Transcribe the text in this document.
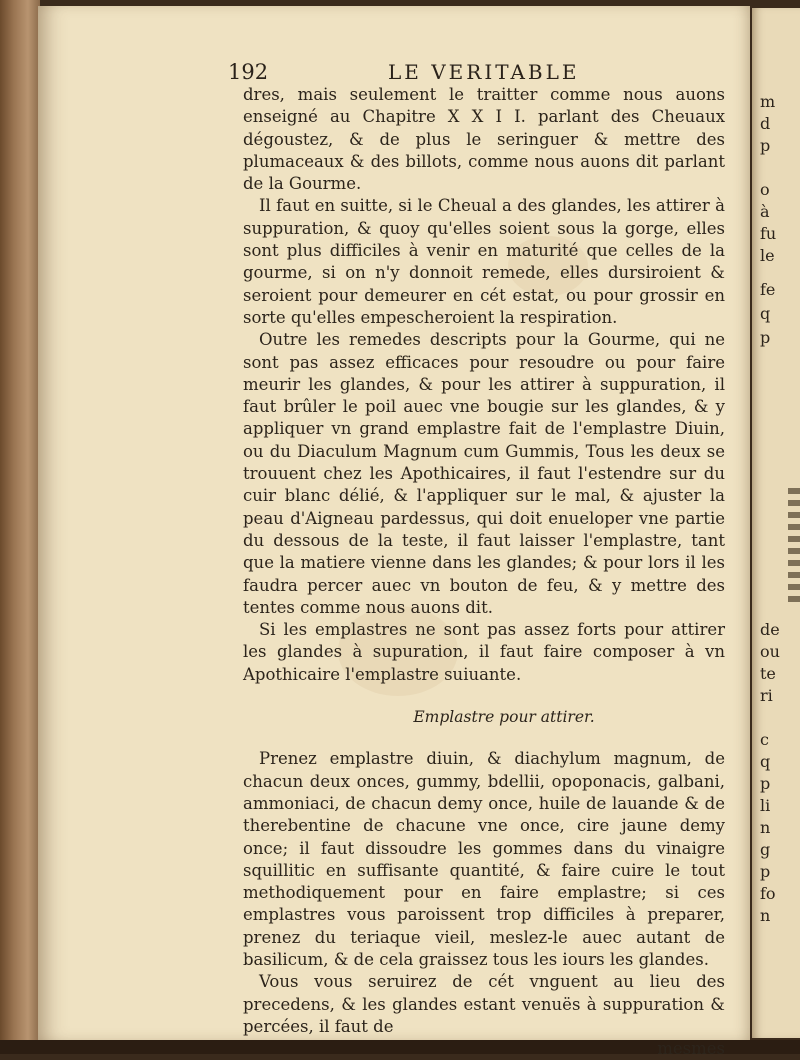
m
d
p
o
à
fu
le
fe
q
p
de
ou
te
ri
c
q
p
li
n
g
p
fo
n
192	LE VERITABLE

dres, mais seulement le traitter comme nous auons enseigné au Chapitre X X I I. parlant des Cheuaux dégoustez, & de plus le seringuer & mettre des plumaceaux & des billots, comme nous auons dit parlant de la Gourme.

Il faut en suitte, si le Cheual a des glandes, les attirer à suppuration, & quoy qu'elles soient sous la gorge, elles sont plus difficiles à venir en maturité que celles de la gourme, si on n'y donnoit remede, elles dursiroient & seroient pour demeurer en cét estat, ou pour grossir en sorte qu'elles empescheroient la respiration.

Outre les remedes descripts pour la Gourme, qui ne sont pas assez efficaces pour resoudre ou pour faire meurir les glandes, & pour les attirer à suppuration, il faut brûler le poil auec vne bougie sur les glandes, & y appliquer vn grand emplastre fait de l'emplastre Diuin, ou du Diaculum Magnum cum Gummis, Tous les deux se trouuent chez les Apothicaires, il faut l'estendre sur du cuir blanc délié, & l'appliquer sur le mal, & ajuster la peau d'Aigneau pardessus, qui doit enueloper vne partie du dessous de la teste, il faut laisser l'emplastre, tant que la matiere vienne dans les glandes; & pour lors il les faudra percer auec vn bouton de feu, & y mettre des tentes comme nous auons dit.

Si les emplastres ne sont pas assez forts pour attirer les glandes à supuration, il faut faire composer à vn Apothicaire l'emplastre suiuante.

Emplastre pour attirer.

Prenez emplastre diuin, & diachylum magnum, de chacun deux onces, gummy, bdellii, opoponacis, galbani, ammoniaci, de chacun demy once, huile de lauande & de therebentine de chacune vne once, cire jaune demy once; il faut dissoudre les gommes dans du vinaigre squillitic en suffisante quantité, & faire cuire le tout methodiquement pour en faire emplastre; si ces emplastres vous paroissent trop difficiles à preparer, prenez du teriaque vieil, meslez-le auec autant de basilicum, & de cela graissez tous les iours les glandes.

Vous vous seruirez de cét vnguent au lieu des precedens, & les glandes estant venuës à suppuration & percées, il faut de

mesmes
